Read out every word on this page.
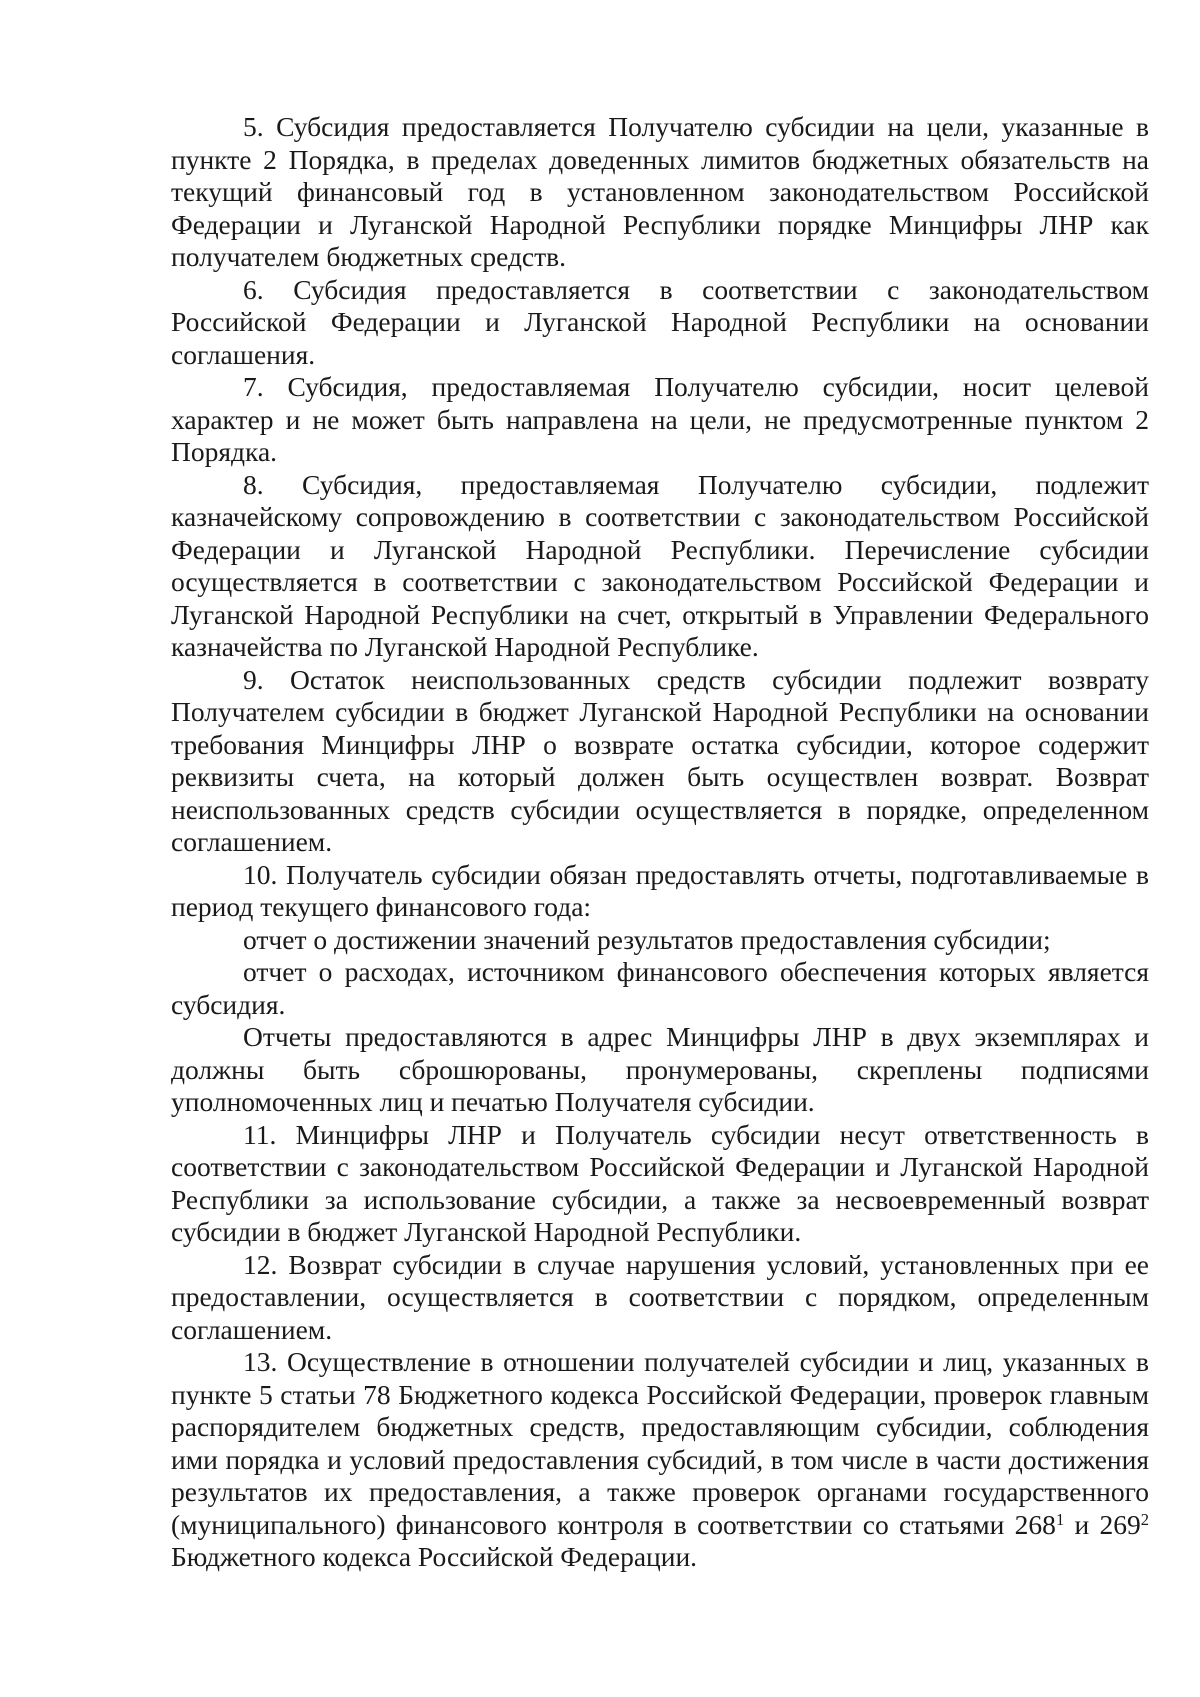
5. Субсидия предоставляется Получателю субсидии на цели, указанные в пункте 2 Порядка, в пределах доведенных лимитов бюджетных обязательств на текущий финансовый год в установленном законодательством Российской Федерации и Луганской Народной Республики порядке Минцифры ЛНР как получателем бюджетных средств.

6. Субсидия предоставляется в соответствии с законодательством Российской Федерации и Луганской Народной Республики на основании соглашения.

7. Субсидия, предоставляемая Получателю субсидии, носит целевой характер и не может быть направлена на цели, не предусмотренные пунктом 2 Порядка.

8. Субсидия, предоставляемая Получателю субсидии, подлежит казначейскому сопровождению в соответствии с законодательством Российской Федерации и Луганской Народной Республики. Перечисление субсидии осуществляется в соответствии с законодательством Российской Федерации и Луганской Народной Республики на счет, открытый в Управлении Федерального казначейства по Луганской Народной Республике.

9. Остаток неиспользованных средств субсидии подлежит возврату Получателем субсидии в бюджет Луганской Народной Республики на основании требования Минцифры ЛНР о возврате остатка субсидии, которое содержит реквизиты счета, на который должен быть осуществлен возврат. Возврат неиспользованных средств субсидии осуществляется в порядке, определенном соглашением.

10. Получатель субсидии обязан предоставлять отчеты, подготавливаемые в период текущего финансового года:

отчет о достижении значений результатов предоставления субсидии;

отчет о расходах, источником финансового обеспечения которых является субсидия.

Отчеты предоставляются в адрес Минцифры ЛНР в двух экземплярах и должны быть сброшюрованы, пронумерованы, скреплены подписями уполномоченных лиц и печатью Получателя субсидии.

11. Минцифры ЛНР и Получатель субсидии несут ответственность в соответствии с законодательством Российской Федерации и Луганской Народной Республики за использование субсидии, а также за несвоевременный возврат субсидии в бюджет Луганской Народной Республики.

12. Возврат субсидии в случае нарушения условий, установленных при ее предоставлении, осуществляется в соответствии с порядком, определенным соглашением.

13. Осуществление в отношении получателей субсидии и лиц, указанных в пункте 5 статьи 78 Бюджетного кодекса Российской Федерации, проверок главным распорядителем бюджетных средств, предоставляющим субсидии, соблюдения ими порядка и условий предоставления субсидий, в том числе в части достижения результатов их предоставления, а также проверок органами государственного (муниципального) финансового контроля в соответствии со статьями $268^1$ и $269^2$ Бюджетного кодекса Российской Федерации.
